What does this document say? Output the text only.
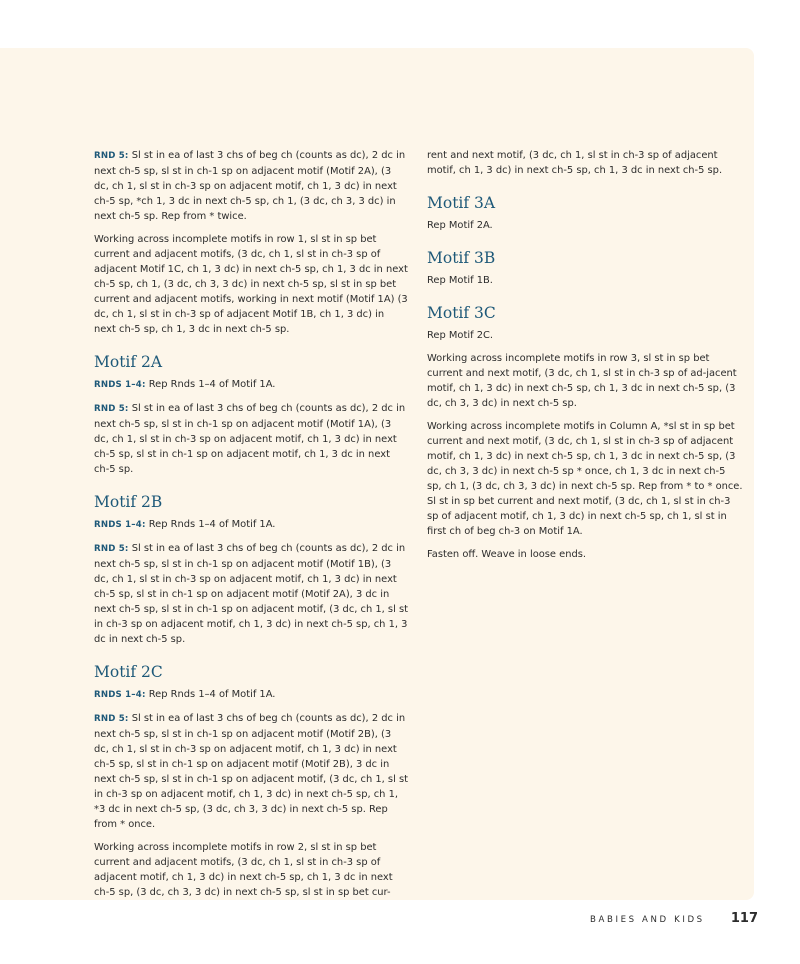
RND 5: Sl st in ea of last 3 chs of beg ch (counts as dc), 2 dc in next ch-5 sp, sl st in ch-1 sp on adjacent motif (Motif 2A), (3 dc, ch 1, sl st in ch-3 sp on adjacent motif, ch 1, 3 dc) in next ch-5 sp, *ch 1, 3 dc in next ch-5 sp, ch 1, (3 dc, ch 3, 3 dc) in next ch-5 sp. Rep from * twice.

Working across incomplete motifs in row 1, sl st in sp bet current and adjacent motifs, (3 dc, ch 1, sl st in ch-3 sp of adjacent Motif 1C, ch 1, 3 dc) in next ch-5 sp, ch 1, 3 dc in next ch-5 sp, ch 1, (3 dc, ch 3, 3 dc) in next ch-5 sp, sl st in sp bet current and adjacent motifs, working in next motif (Motif 1A) (3 dc, ch 1, sl st in ch-3 sp of adjacent Motif 1B, ch 1, 3 dc) in next ch-5 sp, ch 1, 3 dc in next ch-5 sp.

Motif 2A

RNDS 1–4: Rep Rnds 1–4 of Motif 1A.

RND 5: Sl st in ea of last 3 chs of beg ch (counts as dc), 2 dc in next ch-5 sp, sl st in ch-1 sp on adjacent motif (Motif 1A), (3 dc, ch 1, sl st in ch-3 sp on adjacent motif, ch 1, 3 dc) in next ch-5 sp, sl st in ch-1 sp on adjacent motif, ch 1, 3 dc in next ch-5 sp.

Motif 2B

RNDS 1–4: Rep Rnds 1–4 of Motif 1A.

RND 5: Sl st in ea of last 3 chs of beg ch (counts as dc), 2 dc in next ch-5 sp, sl st in ch-1 sp on adjacent motif (Motif 1B), (3 dc, ch 1, sl st in ch-3 sp on adjacent motif, ch 1, 3 dc) in next ch-5 sp, sl st in ch-1 sp on adjacent motif (Motif 2A), 3 dc in next ch-5 sp, sl st in ch-1 sp on adjacent motif, (3 dc, ch 1, sl st in ch-3 sp on adjacent motif, ch 1, 3 dc) in next ch-5 sp, ch 1, 3 dc in next ch-5 sp.

Motif 2C

RNDS 1–4: Rep Rnds 1–4 of Motif 1A.

RND 5: Sl st in ea of last 3 chs of beg ch (counts as dc), 2 dc in next ch-5 sp, sl st in ch-1 sp on adjacent motif (Motif 2B), (3 dc, ch 1, sl st in ch-3 sp on adjacent motif, ch 1, 3 dc) in next ch-5 sp, sl st in ch-1 sp on adjacent motif (Motif 2B), 3 dc in next ch-5 sp, sl st in ch-1 sp on adjacent motif, (3 dc, ch 1, sl st in ch-3 sp on adjacent motif, ch 1, 3 dc) in next ch-5 sp, ch 1, *3 dc in next ch-5 sp, (3 dc, ch 3, 3 dc) in next ch-5 sp. Rep from * once.

Working across incomplete motifs in row 2, sl st in sp bet current and adjacent motifs, (3 dc, ch 1, sl st in ch-3 sp of adjacent motif, ch 1, 3 dc) in next ch-5 sp, ch 1, 3 dc in next ch-5 sp, (3 dc, ch 3, 3 dc) in next ch-5 sp, sl st in sp bet cur-

rent and next motif, (3 dc, ch 1, sl st in ch-3 sp of adjacent motif, ch 1, 3 dc) in next ch-5 sp, ch 1, 3 dc in next ch-5 sp.

Motif 3A

Rep Motif 2A.

Motif 3B

Rep Motif 1B.

Motif 3C

Rep Motif 2C.

Working across incomplete motifs in row 3, sl st in sp bet current and next motif, (3 dc, ch 1, sl st in ch-3 sp of ad-jacent motif, ch 1, 3 dc) in next ch-5 sp, ch 1, 3 dc in next ch-5 sp, (3 dc, ch 3, 3 dc) in next ch-5 sp.

Working across incomplete motifs in Column A, *sl st in sp bet current and next motif, (3 dc, ch 1, sl st in ch-3 sp of adjacent motif, ch 1, 3 dc) in next ch-5 sp, ch 1, 3 dc in next ch-5 sp, (3 dc, ch 3, 3 dc) in next ch-5 sp * once, ch 1, 3 dc in next ch-5 sp, ch 1, (3 dc, ch 3, 3 dc) in next ch-5 sp. Rep from * to * once. Sl st in sp bet current and next motif, (3 dc, ch 1, sl st in ch-3 sp of adjacent motif, ch 1, 3 dc) in next ch-5 sp, ch 1, sl st in first ch of beg ch-3 on Motif 1A.

Fasten off. Weave in loose ends.

BABIES AND KIDS 117
